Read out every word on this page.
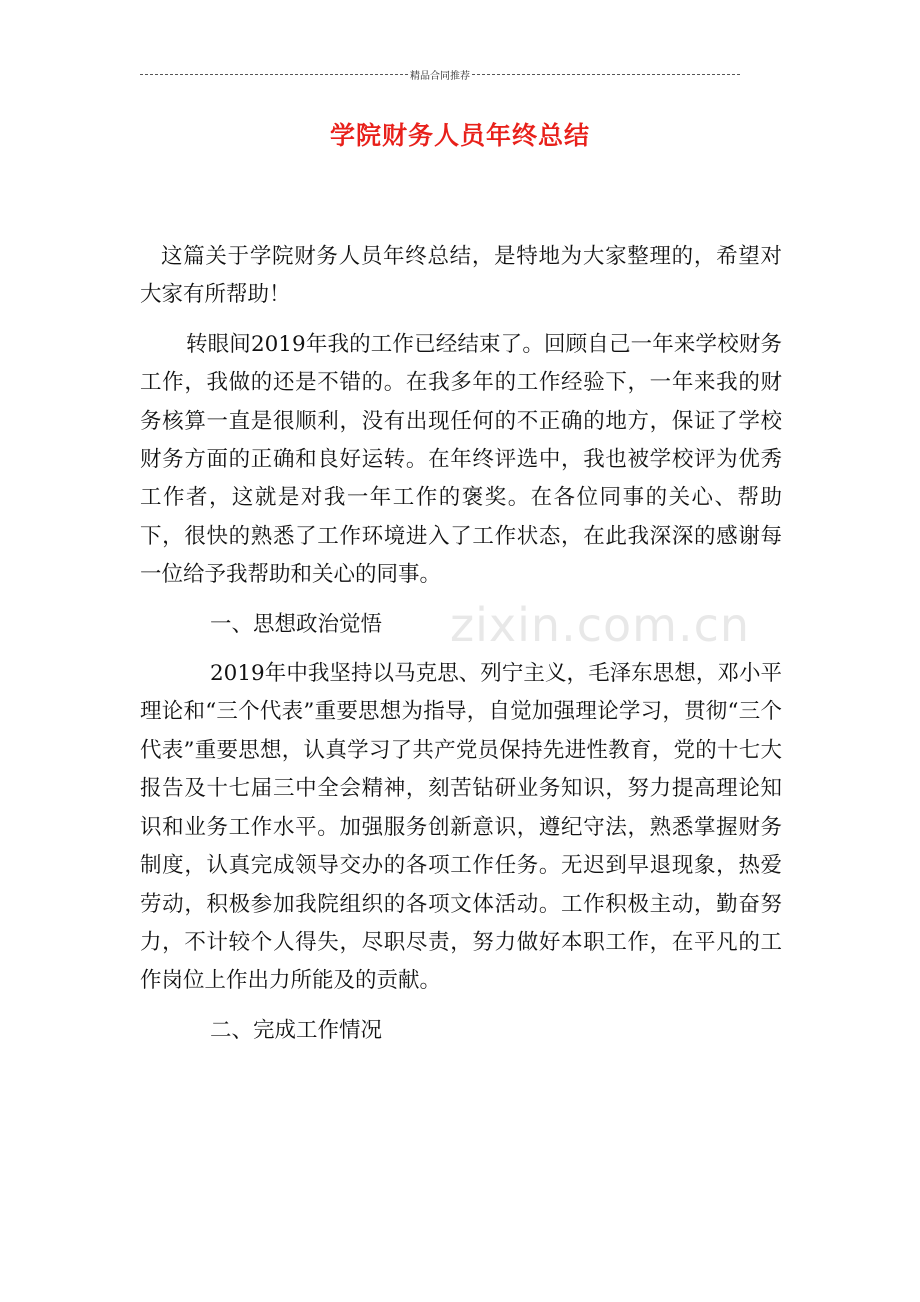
精品合同推荐
学院财务人员年终总结

这篇关于学院财务人员年终总结，是特地为大家整理的，希望对大家有所帮助！

转眼间2019年我的工作已经结束了。回顾自己一年来学校财务工作，我做的还是不错的。在我多年的工作经验下，一年来我的财务核算一直是很顺利，没有出现任何的不正确的地方，保证了学校财务方面的正确和良好运转。在年终评选中，我也被学校评为优秀工作者，这就是对我一年工作的褒奖。在各位同事的关心、帮助下，很快的熟悉了工作环境进入了工作状态，在此我深深的感谢每一位给予我帮助和关心的同事。

一、思想政治觉悟

2019年中我坚持以马克思、列宁主义，毛泽东思想，邓小平理论和“三个代表”重要思想为指导，自觉加强理论学习，贯彻“三个代表”重要思想，认真学习了共产党员保持先进性教育，党的十七大报告及十七届三中全会精神，刻苦钻研业务知识，努力提高理论知识和业务工作水平。加强服务创新意识，遵纪守法，熟悉掌握财务制度，认真完成领导交办的各项工作任务。无迟到早退现象，热爱劳动，积极参加我院组织的各项文体活动。工作积极主动，勤奋努力，不计较个人得失，尽职尽责，努力做好本职工作，在平凡的工作岗位上作出力所能及的贡献。

二、完成工作情况

zixin.com.cn
